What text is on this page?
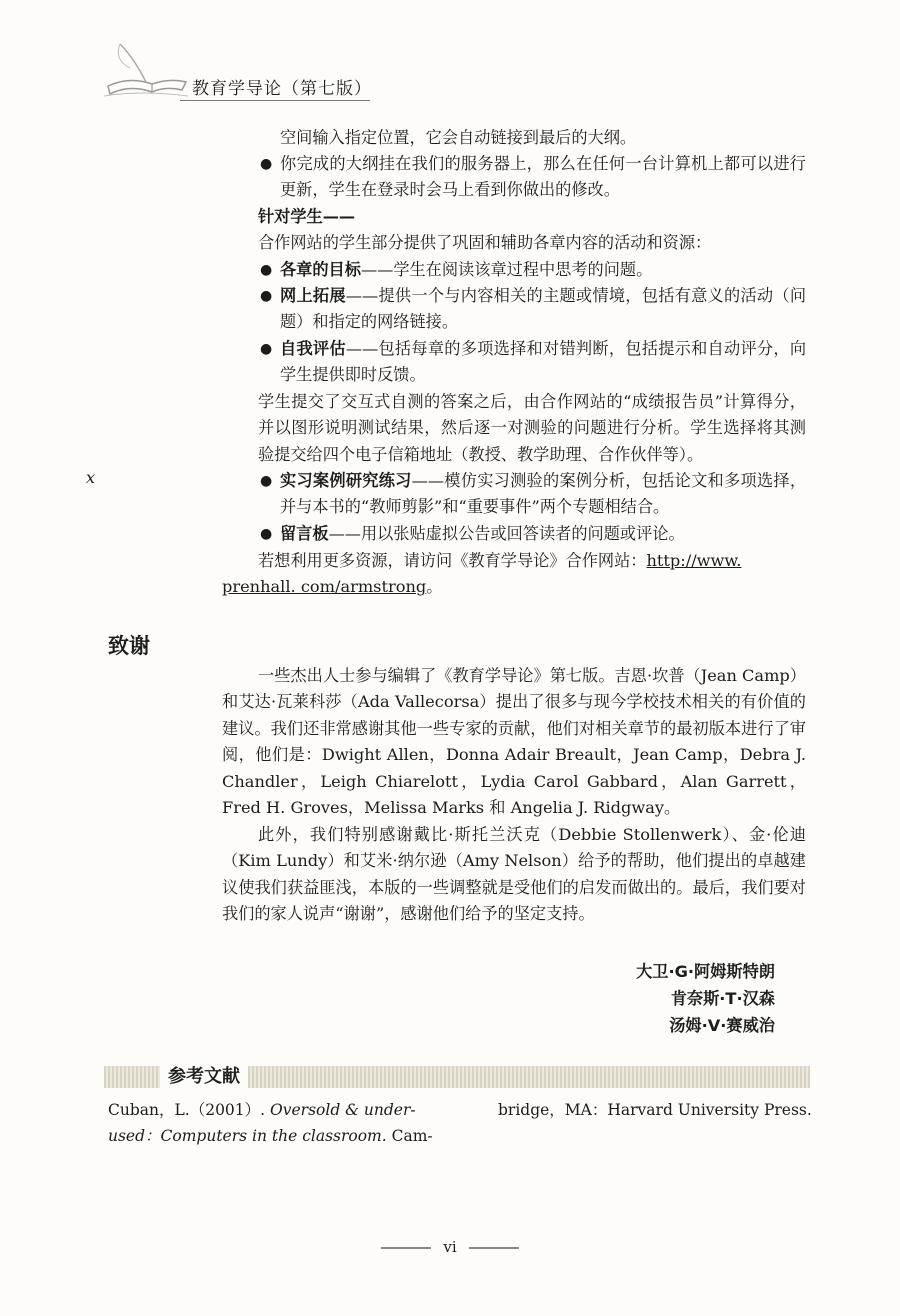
教育学导论（第七版）
x

空间输入指定位置，它会自动链接到最后的大纲。

● 你完成的大纲挂在我们的服务器上，那么在任何一台计算机上都可以进行更新，学生在登录时会马上看到你做出的修改。

针对学生——

合作网站的学生部分提供了巩固和辅助各章内容的活动和资源：

● 各章的目标——学生在阅读该章过程中思考的问题。
● 网上拓展——提供一个与内容相关的主题或情境，包括有意义的活动（问题）和指定的网络链接。
● 自我评估——包括每章的多项选择和对错判断，包括提示和自动评分，向学生提供即时反馈。

学生提交了交互式自测的答案之后，由合作网站的“成绩报告员”计算得分，并以图形说明测试结果，然后逐一对测验的问题进行分析。学生选择将其测验提交给四个电子信箱地址（教授、教学助理、合作伙伴等）。

● 实习案例研究练习——模仿实习测验的案例分析，包括论文和多项选择，并与本书的“教师剪影”和“重要事件”两个专题相结合。
● 留言板——用以张贴虚拟公告或回答读者的问题或评论。

若想利用更多资源，请访问《教育学导论》合作网站：http://www.
prenhall. com/armstrong。

致谢

一些杰出人士参与编辑了《教育学导论》第七版。吉恩·坎普（Jean Camp）和艾达·瓦莱科莎（Ada Vallecorsa）提出了很多与现今学校技术相关的有价值的建议。我们还非常感谢其他一些专家的贡献，他们对相关章节的最初版本进行了审阅，他们是：Dwight Allen，Donna Adair Breault，Jean Camp，Debra J. Chandler，Leigh Chiarelott，Lydia Carol Gabbard，Alan Garrett，Fred H. Groves，Melissa Marks 和 Angelia J. Ridgway。

此外，我们特别感谢戴比·斯托兰沃克（Debbie Stollenwerk）、金·伦迪（Kim Lundy）和艾米·纳尔逊（Amy Nelson）给予的帮助，他们提出的卓越建议使我们获益匪浅，本版的一些调整就是受他们的启发而做出的。最后，我们要对我们的家人说声“谢谢”，感谢他们给予的坚定支持。

大卫·G·阿姆斯特朗
肯奈斯·T·汉森
汤姆·V·赛威治
参考文献
Cuban，L.（2001）. Oversold & under-used：Computers in the classroom. Cam-
bridge，MA：Harvard University Press.
vi
